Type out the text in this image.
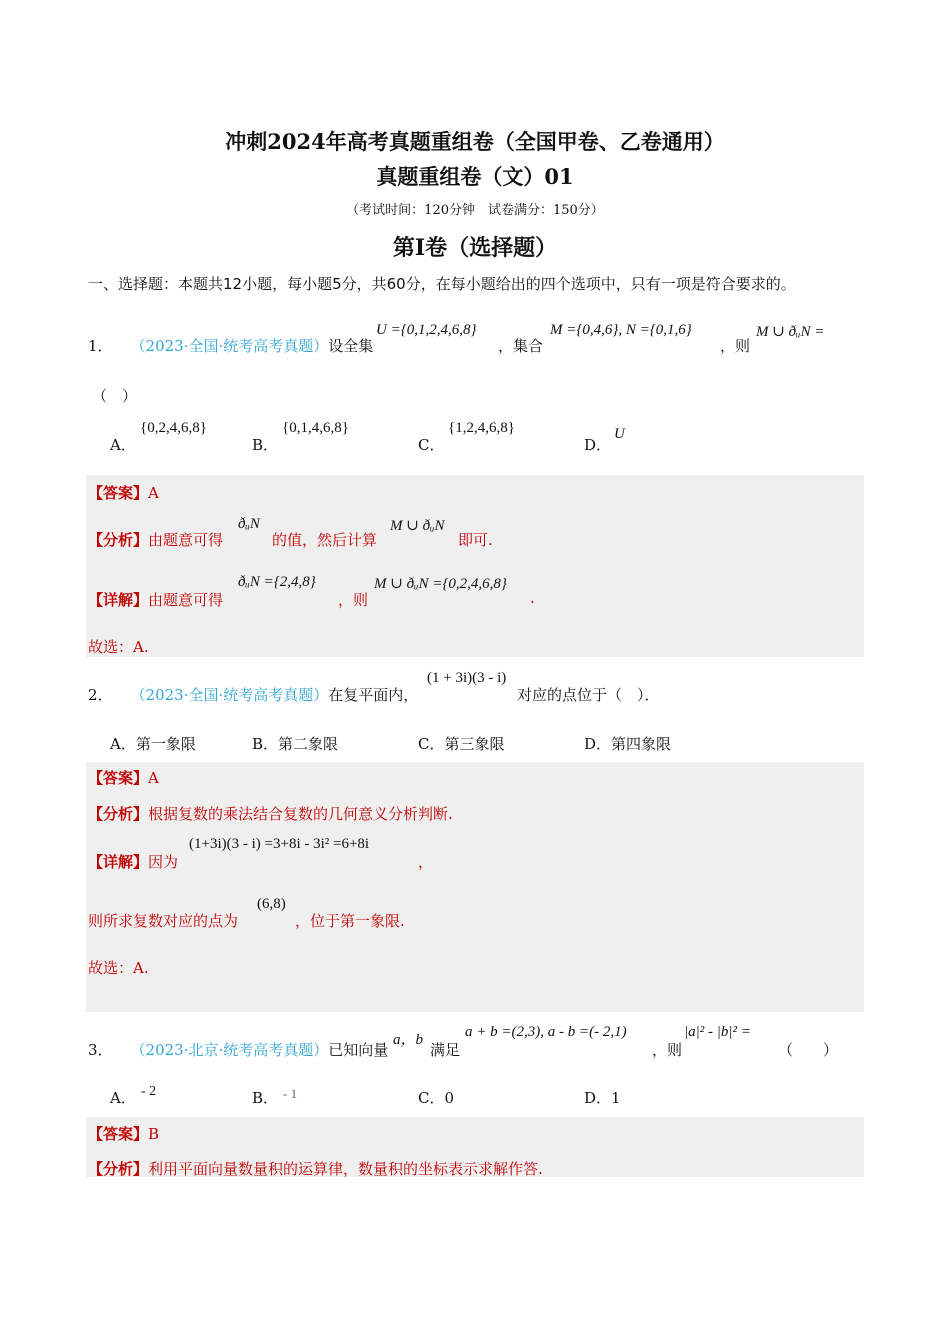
冲刺2024年高考真题重组卷（全国甲卷、乙卷通用）
真题重组卷（文）01
（考试时间：120分钟　试卷满分：150分）
第I卷（选择题）
一、选择题：本题共12小题，每小题5分，共60分，在每小题给出的四个选项中，只有一项是符合要求的。
1． （2023·全国·统考高考真题）设全集
U ={0,1,2,4,6,8}
，集合
M ={0,4,6}, N ={0,1,6}
，则
M ∪ ðᵤN =
（　）
A．
{0,2,4,6,8}
B．
{0,1,4,6,8}
C．
{1,2,4,6,8}
D．
U
【答案】A
【分析】由题意可得
ðᵤN
的值，然后计算
M ∪ ðᵤN
即可.
【详解】由题意可得
ðᵤN ={2,4,8}
，则
M ∪ ðᵤN ={0,2,4,6,8}
.
故选：A.
2． （2023·全国·统考高考真题）在复平面内，
(1 + 3i)(3 - i)
对应的点位于（　）．
A．第一象限	B．第二象限	C．第三象限	D．第四象限
【答案】A
【分析】根据复数的乘法结合复数的几何意义分析判断.
【详解】因为
(1+3i)(3 - i) =3+8i - 3i² =6+8i
，
则所求复数对应的点为
(6,8)
，位于第一象限.
故选：A.
3． （2023·北京·统考高考真题）已知向量
a，b
满足
a + b =(2,3), a - b =(- 2,1)
，则
|a|² - |b|² =
（　　）
A． - 2	B． - 1	C．0	D．1
【答案】B
【分析】利用平面向量数量积的运算律，数量积的坐标表示求解作答.
